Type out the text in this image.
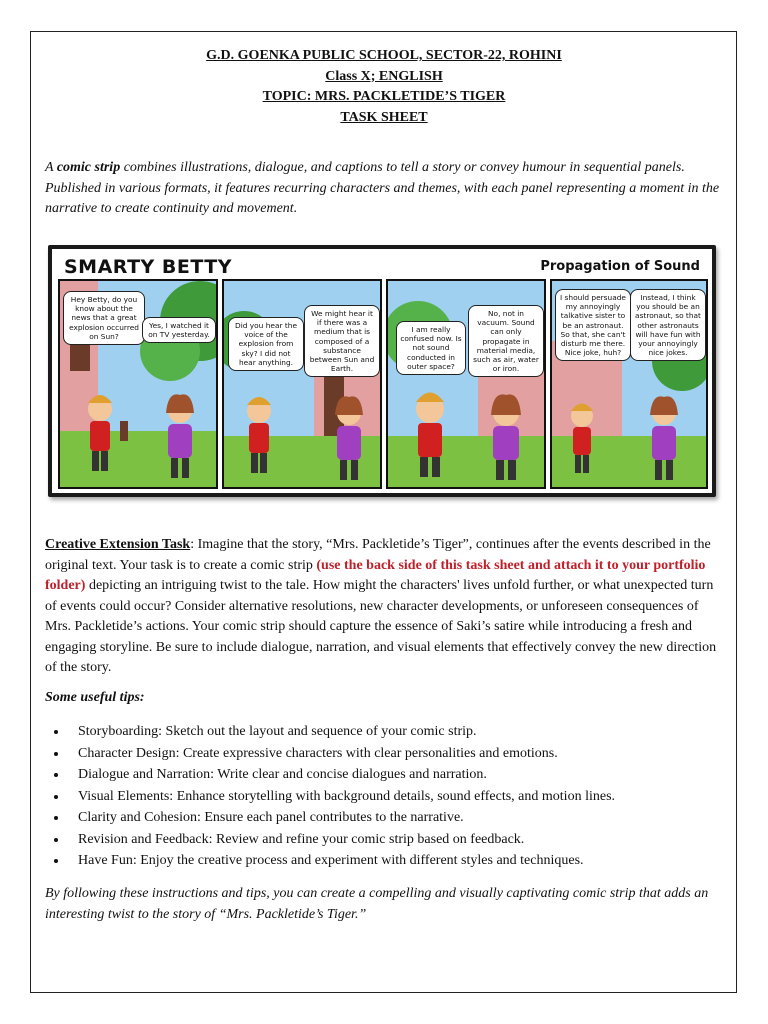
G.D. GOENKA PUBLIC SCHOOL, SECTOR-22, ROHINI
Class X; ENGLISH
TOPIC: MRS. PACKLETIDE’S TIGER
TASK SHEET

A comic strip combines illustrations, dialogue, and captions to tell a story or convey humour in sequential panels. Published in various formats, it features recurring characters and themes, with each panel representing a moment in the narrative to create continuity and movement.

SMARTY BETTY	Propagation of Sound
Hey Betty, do you know about the news that a great explosion occurred on Sun?
Yes, I watched it on TV yesterday.
Did you hear the voice of the explosion from sky? I did not hear anything.
We might hear it if there was a medium that is composed of a substance between Sun and Earth.
I am really confused now. Is not sound conducted in outer space?
No, not in vacuum. Sound can only propagate in material media, such as air, water or iron.
I should persuade my annoyingly talkative sister to be an astronaut. So that, she can't disturb me there. Nice joke, huh?
Instead, I think you should be an astronaut, so that other astronauts will have fun with your annoyingly nice jokes.

Creative Extension Task: Imagine that the story, “Mrs. Packletide’s Tiger”, continues after the events described in the original text. Your task is to create a comic strip (use the back side of this task sheet and attach it to your portfolio folder) depicting an intriguing twist to the tale. How might the characters' lives unfold further, or what unexpected turn of events could occur? Consider alternative resolutions, new character developments, or unforeseen consequences of Mrs. Packletide’s actions. Your comic strip should capture the essence of Saki’s satire while introducing a fresh and engaging storyline. Be sure to include dialogue, narration, and visual elements that effectively convey the new direction of the story.

Some useful tips:
• Storyboarding: Sketch out the layout and sequence of your comic strip.
• Character Design: Create expressive characters with clear personalities and emotions.
• Dialogue and Narration: Write clear and concise dialogues and narration.
• Visual Elements: Enhance storytelling with background details, sound effects, and motion lines.
• Clarity and Cohesion: Ensure each panel contributes to the narrative.
• Revision and Feedback: Review and refine your comic strip based on feedback.
• Have Fun: Enjoy the creative process and experiment with different styles and techniques.

By following these instructions and tips, you can create a compelling and visually captivating comic strip that adds an interesting twist to the story of “Mrs. Packletide’s Tiger.”
